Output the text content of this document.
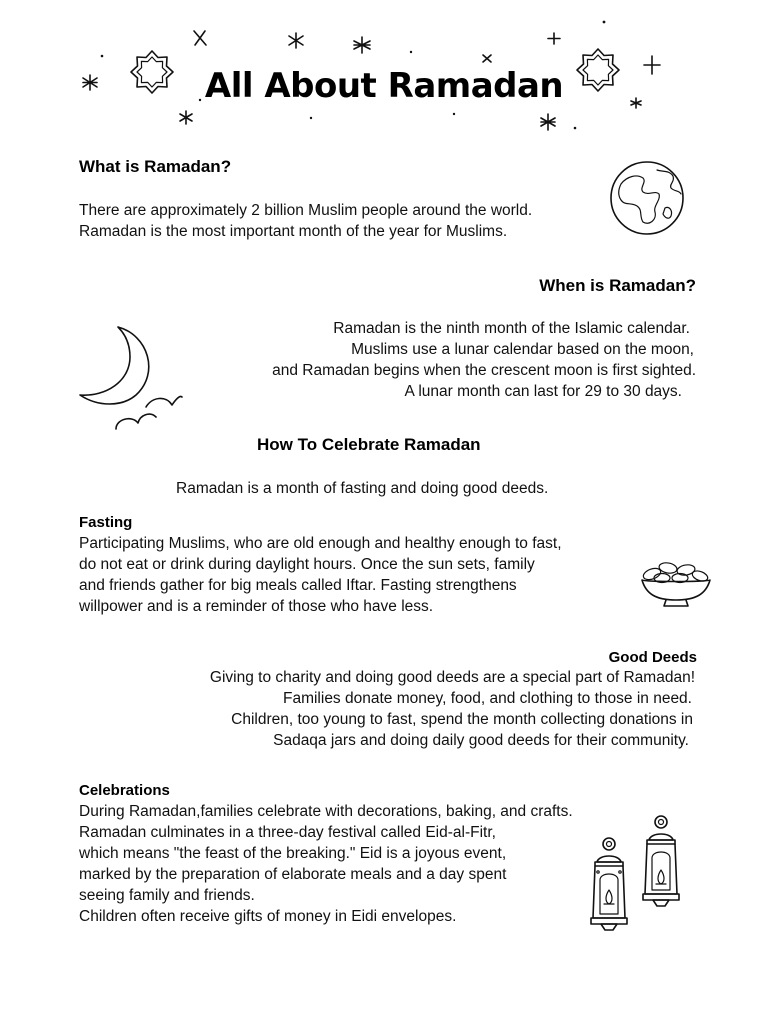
All About Ramadan
What is Ramadan?
There are approximately 2 billion Muslim people around the world.
Ramadan is the most important month of the year for Muslims.
When is Ramadan?
Ramadan is the ninth month of the Islamic calendar.
Muslims use a lunar calendar based on the moon,
and Ramadan begins when the crescent moon is first sighted.
A lunar month can last for 29 to 30 days.
How To Celebrate Ramadan
Ramadan is a month of fasting and doing good deeds.
Fasting
Participating Muslims, who are old enough and healthy enough to fast,
do not eat or drink during daylight hours. Once the sun sets, family
and friends gather for big meals called Iftar. Fasting strengthens
willpower and is a reminder of those who have less.
Good Deeds
Giving to charity and doing good deeds are a special part of Ramadan!
Families donate money, food, and clothing to those in need.
Children, too young to fast, spend the month collecting donations in
Sadaqa jars and doing daily good deeds for their community.
Celebrations
During Ramadan,families celebrate with decorations, baking, and crafts.
Ramadan culminates in a three-day festival called Eid-al-Fitr,
which means "the feast of the breaking." Eid is a joyous event,
marked by the preparation of elaborate meals and a day spent
seeing family and friends.
Children often receive gifts of money in Eidi envelopes.
